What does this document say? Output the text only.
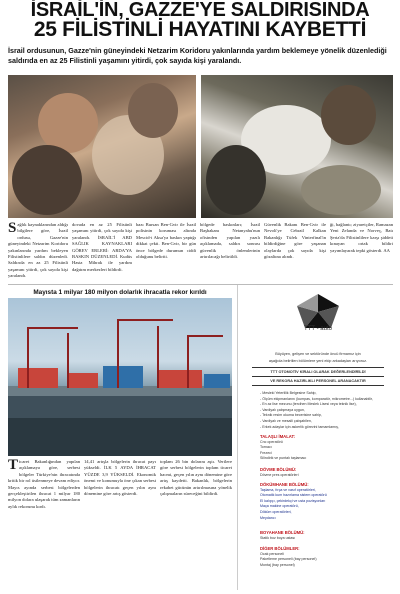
İSRAİL'İN, GAZZE'YE SALDIRISINDA
25 FİLİSTİNLİ HAYATINI KAYBETTİ
İsrail ordusunun, Gazze'nin güneyindeki Netzarim Koridoru yakınlarında yardım beklemeye yönelik düzenlediği saldırıda en az 25 Filistinli yaşamını yitirdi, çok sayıda kişi yaralandı.
Sağlık kaynaklarından aldığı bilgilere göre, İsrail ordusu, Gazze'nin güneyindeki Netzarim Koridoru yakınlarında yardım bekleyen Filistinlilere saldırı düzenledi. Saldırıda en az 25 Filistinli yaşamını yitirdi, çok sayıda kişi yaralandı.
dovada en az 25 Filistinli yaşamını yitirdi, çok sayıda kişi yaralandı. İSRAİL'İ ABD SAĞLIK KAYNAKLARI GÖREV ERLERİ: ARDA'YA BASKIN DÜZENLEDİ. Kudüs Hasta Mihrak ile yardım dağıtım merkezleri bildirdi.
bazı Bursan Ben-Gvir ile İsrail polisinin koruması altında Mescid-i Aksa'ya baskın yaptığı dikkat çekti. Ben-Gvir, bir gün önce bölgede durumun ciddi olduğunu belirtti.
bölgede baskınları; İsrail Başbakanı Netanyahu'nun ofisinden yapılan yazılı açıklamada, saldırı sonrası güvenlik önlemlerinin artırılacağı belirtildi.
Güvenlik Bakanı Ben-Gvir ile Nevoli'ye Cebrail Kalkan Bakanlığı Tüfek Vinterfinal'in bildirdiğine göre yaşanan olaylarda çok sayıda kişi gözaltına alındı.
ği, bağlantı; ziyaretçiler, Ramazan Yeni Zelanda ve Norveç, Batı Şeria'da Filistinlilere karşı şiddeti kınayan ortak bildiri yayımlayarak tepki gösterdi. AA
Mayısta 1 milyar 180 milyon dolarlık ihracatla rekor kırıldı
Ticaret Bakanlığından yapılan açıklamaya göre, serbest bölgeler Türkiye'nin ihracatında kritik bir rol üstlenmeye devam ediyor. Mayıs ayında serbest bölgelerden gerçekleştirilen ihracat 1 milyar 180 milyon dolara ulaşarak tüm zamanların aylık rekorunu kırdı.
14,41 artışla bölgelerin ihracat payı yükseldi. İLK 5 AYDA İHRACAT YÜZDE 3,9 YÜKSELDİ. Ekonomik önemi ve konumuyla öne çıkan serbest bölgelerin ihracatı geçen yılın aynı dönemine göre artış gösterdi.
toplam 26 bin dolarını aştı. Verilere göre serbest bölgelerin toplam ticaret hacmi, geçen yılın aynı dönemine göre artış kaydetti. Bakanlık, bölgelerin rekabet gücünün artırılmasına yönelik çalışmaların süreceğini bildirdi.
TTT - auto
Büyüyen, gelişen ve sektöründe öncü firmamız için
aşağıda belirtilen bölümlere yeni ekip arkadaşları arıyoruz.
TTT OTOMOTİV KİRALI OLARAK DEĞERLENDİRİLDİ
VE REKORA HAZIRLIKLI PERSONEL ARANACAKTIR
- Mesleki Yeterlilik Belgesine Sahip,
- Ölçüm ekipmanlarını (kumpas, komparatör, mikrometre...) kullanabilir,
- En az lise mezunu (tercihen Meslek Lisesi veya teknik lise),
- Vardiyalı çalışmaya uygun,
- Teknik resim okuma becerisine sahip,
- Vardiyalı ve mesaili çalışabilen,
- Erkek adaylar için askerlik görevini tamamlamış,
TALAŞLI İMALAT:
Cnc operatörü
Tornacı
Frezeci
Silindirik ve puntalı taşlamacı
DÖVME BÖLÜMÜ:
Dövme pres operatörleri
DÖKÜMHANE BÖLÜMÜ:
Taşlama, fırça ve vasıf operatörleri,
Otomatik kum hazırlama sistem operatörü
El kalıpçı, çekirdekçi ve usta pozisyonları
Maça makine operatörü,
Döküm operatörleri,
Meydancı
BOYAHANE BÖLÜMÜ:
Statik boz boya ustası
DİĞER BÖLÜMLER:
Ocak personeli
Paketleme personeli (bay personel)
Montaj (bay personel)
